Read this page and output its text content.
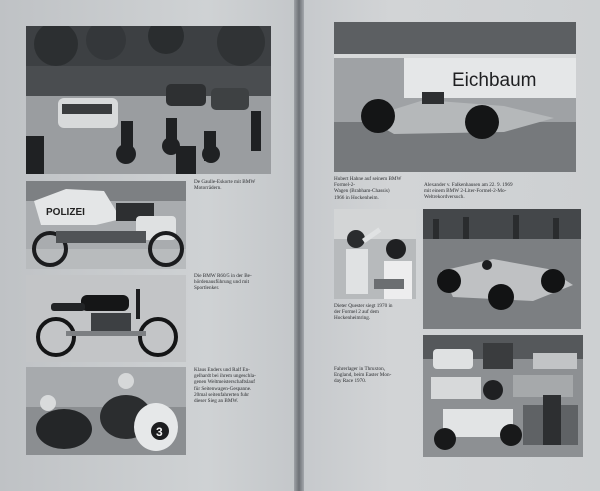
De Gaulle-Eskorte mit BMW
Motorrädern.
POLIZEI
Die BMW R60/5 in der Be-
hördenausführung und mit
Sportlenker.
Klaus Enders und Ralf En-
gelhardt bei ihrem ungeschla-
genen Weltmeisterschaftslauf
für Seitenwagen-Gespanne.
20mal seitenfahrerten fuhr
dieser Sieg an BMW.
3
Eichbaum
Hubert Hahne auf seinem BMW Formel-2-
Wagen (Brabham-Chassis)
1966 in Hockenheim.
Alexander v. Falkenhausen am 22. 9. 1969
mit einem BMW 2-Liter-Formel-2-Mo-
Weltrekordversuch.
Dieter Quester siegt 1970 in
der Formel 2 auf dem
Hockenheimring.
Fahrerlager in Thruxton,
England, beim Easter Mon-
day Race 1970.
